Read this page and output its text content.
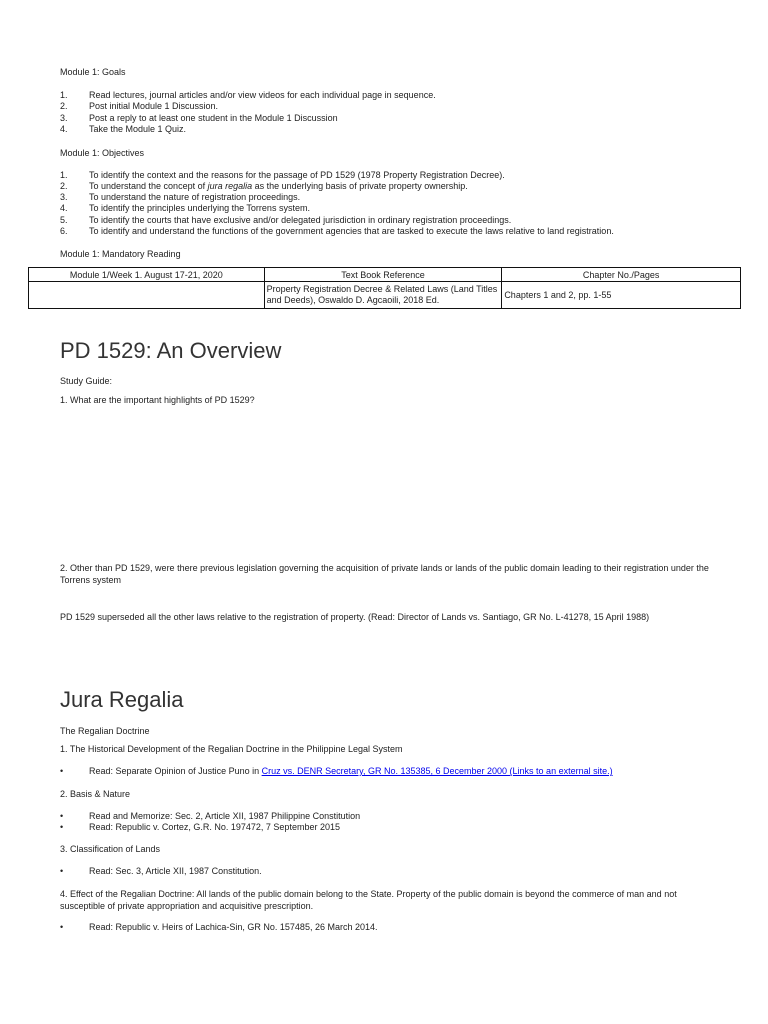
Module 1: Goals
1. Read lectures, journal articles and/or view videos for each individual page in sequence.
2. Post initial Module 1 Discussion.
3. Post a reply to at least one student in the Module 1 Discussion
4. Take the Module 1 Quiz.
Module 1: Objectives
1. To identify the context and the reasons for the passage of PD 1529 (1978 Property Registration Decree).
2. To understand the concept of jura regalia as the underlying basis of private property ownership.
3. To understand the nature of registration proceedings.
4. To identify the principles underlying the Torrens system.
5. To identify the courts that have exclusive and/or delegated jurisdiction in ordinary registration proceedings.
6. To identify and understand the functions of the government agencies that are tasked to execute the laws relative to land registration.
Module 1: Mandatory Reading
Module 1/Week 1. August 17-21, 2020	Text Book Reference	Chapter No./Pages
	Property Registration Decree & Related Laws (Land Titles and Deeds), Oswaldo D. Agcaoili, 2018 Ed.	Chapters 1 and 2, pp. 1-55
PD 1529: An Overview
Study Guide:
1. What are the important highlights of PD 1529?
2. Other than PD 1529, were there previous legislation governing the acquisition of private lands or lands of the public domain leading to their registration under the Torrens system
PD 1529 superseded all the other laws relative to the registration of property. (Read: Director of Lands vs. Santiago, GR No. L-41278, 15 April 1988)
Jura Regalia
The Regalian Doctrine
1. The Historical Development of the Regalian Doctrine in the Philippine Legal System
•	Read: Separate Opinion of Justice Puno in Cruz vs. DENR Secretary, GR No. 135385, 6 December 2000 (Links to an external site.)
2. Basis & Nature
•	Read and Memorize: Sec. 2, Article XII, 1987 Philippine Constitution
•	Read: Republic v. Cortez, G.R. No. 197472, 7 September 2015
3. Classification of Lands
•	Read: Sec. 3, Article XII, 1987 Constitution.
4. Effect of the Regalian Doctrine: All lands of the public domain belong to the State. Property of the public domain is beyond the commerce of man and not susceptible of private appropriation and acquisitive prescription.
•	Read: Republic v. Heirs of Lachica-Sin, GR No. 157485, 26 March 2014.
